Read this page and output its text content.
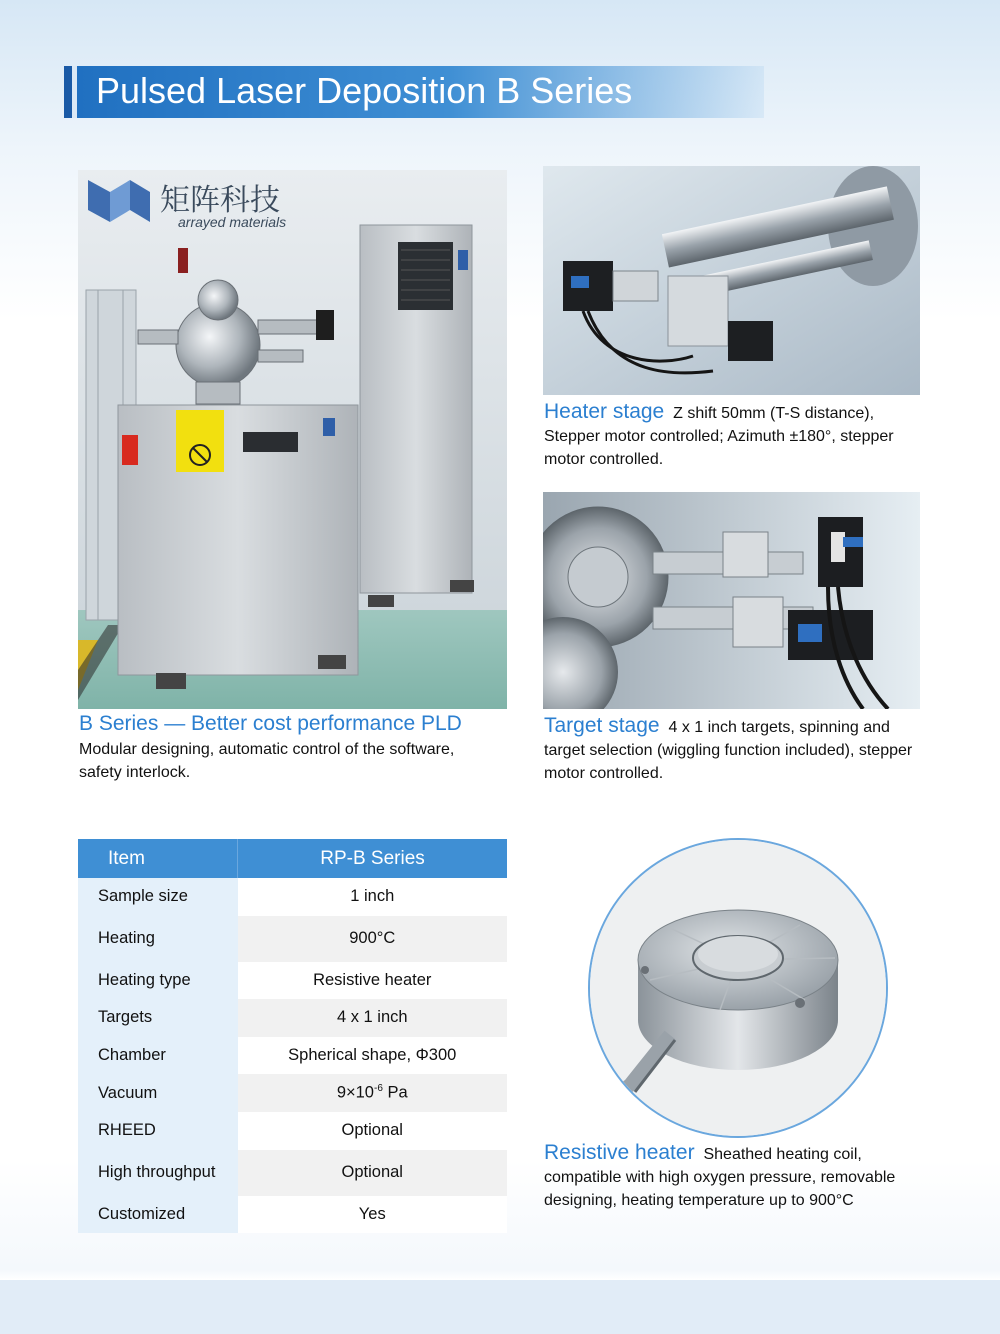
Pulsed Laser Deposition B Series
矩阵科技
arrayed materials
B Series — Better cost performance PLD
Modular designing, automatic control of the software, safety interlock.
Heater stage Z shift 50mm (T-S distance), Stepper motor controlled; Azimuth ±180°, stepper motor controlled.
Target stage 4 x 1 inch targets, spinning and target selection (wiggling function included), stepper motor controlled.
Item	RP-B Series
Sample size	1 inch
Heating	900°C
Heating type	Resistive heater
Targets	4 x 1 inch
Chamber	Spherical shape, Φ300
Vacuum	$9\times 10^{-6}$ Pa
RHEED	Optional
High throughput	Optional
Customized	Yes
Resistive heater Sheathed heating coil, compatible with high oxygen pressure, removable designing, heating temperature up to 900°C
